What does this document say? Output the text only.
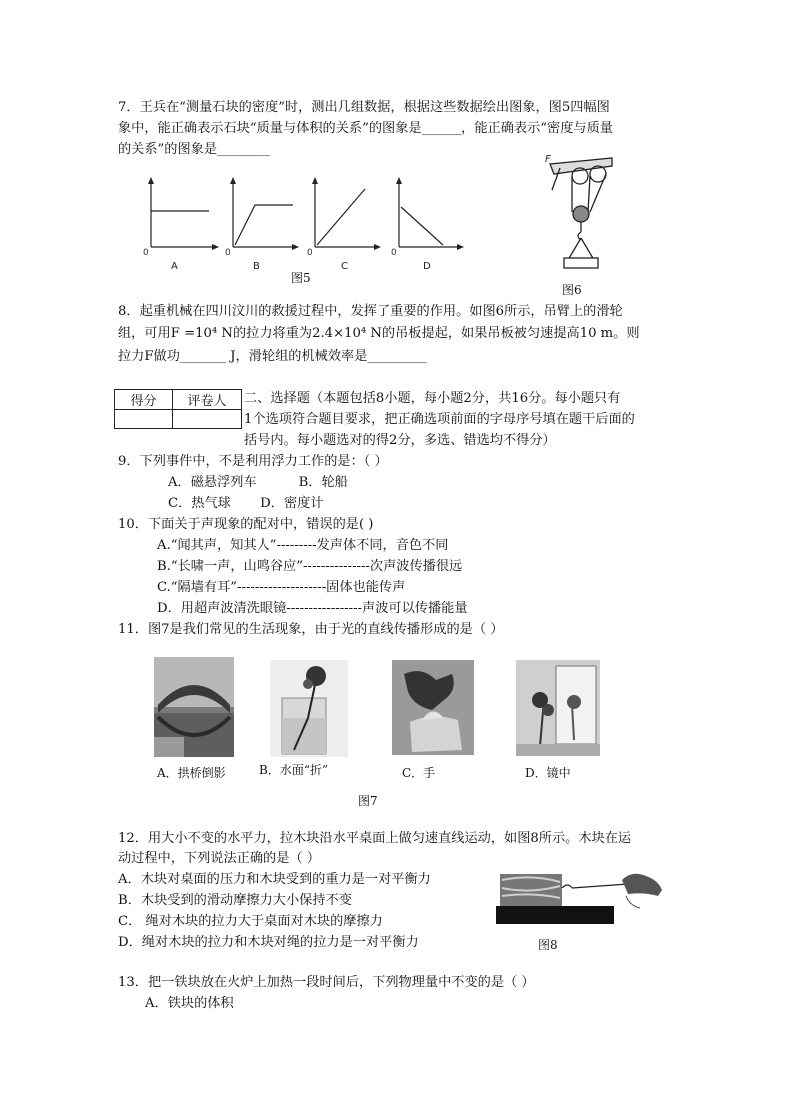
7．王兵在“测量石块的密度”时，测出几组数据，根据这些数据绘出图象，图5四幅图
象中，能正确表示石块“质量与体积的关系”的图象是______，能正确表示“密度与质量
的关系”的图象是________
0	0	0	0
A	B	C	D
图5
F
图6
8．起重机械在四川汶川的救援过程中，发挥了重要的作用。如图6所示，吊臂上的滑轮
组，可用F =10⁴ N的拉力将重为2.4×10⁴ N的吊板提起，如果吊板被匀速提高10 m。则
拉力F做功_______ J，滑轮组的机械效率是_________
得分	评卷人
	二、选择题（本题包括8小题，每小题2分，共16分。每小题只有
1个选项符合题目要求，把正确选项前面的字母序号填在题干后面的
括号内。每小题选对的得2分，多选、错选均不得分）
9．下列事件中，不是利用浮力工作的是：（ ）
A．磁悬浮列车          B．轮船
C．热气球       D．密度计
10．下面关于声现象的配对中，错误的是( )
A.“闻其声，知其人”---------发声体不同，音色不同
B.“长啸一声，山鸣谷应”---------------次声波传播很远
C.“隔墙有耳”--------------------固体也能传声
D．用超声波清洗眼镜-----------------声波可以传播能量
11．图7是我们常见的生活现象，由于光的直线传播形成的是（ ）
A．拱桥倒影	B．水面“折”	C．手	D．镜中
图7
12．用大小不变的水平力，拉木块沿水平桌面上做匀速直线运动，如图8所示。木块在运
动过程中，下列说法正确的是（ ）
A．木块对桌面的压力和木块受到的重力是一对平衡力
B．木块受到的滑动摩擦力大小保持不变
C． 绳对木块的拉力大于桌面对木块的摩擦力
D．绳对木块的拉力和木块对绳的拉力是一对平衡力	图8
13．把一铁块放在火炉上加热一段时间后，下列物理量中不变的是（ ）
A．铁块的体积
